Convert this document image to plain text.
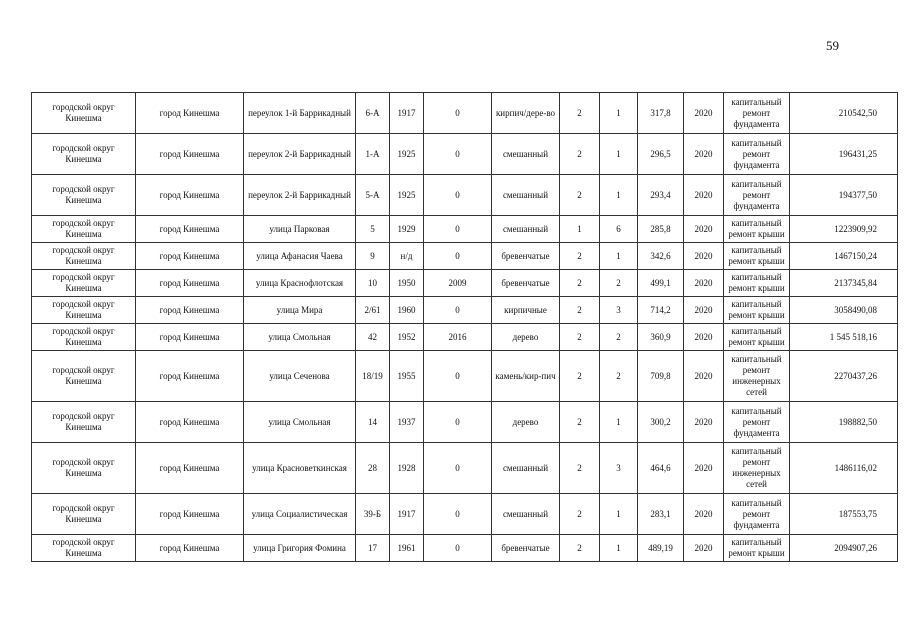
59
городской округ Кинешма	город Кинешма	переулок 1-й Баррикадный	6-А	1917	0	кирпич/дере-во	2	1	317,8	2020	капитальный ремонт фундамента	210542,50
городской округ Кинешма	город Кинешма	переулок 2-й Баррикадный	1-А	1925	0	смешанный	2	1	296,5	2020	капитальный ремонт фундамента	196431,25
городской округ Кинешма	город Кинешма	переулок 2-й Баррикадный	5-А	1925	0	смешанный	2	1	293,4	2020	капитальный ремонт фундамента	194377,50
городской округ Кинешма	город Кинешма	улица Парковая	5	1929	0	смешанный	1	6	285,8	2020	капитальный ремонт крыши	1223909,92
городской округ Кинешма	город Кинешма	улица Афанасия Чаева	9	н/д	0	бревенчатые	2	1	342,6	2020	капитальный ремонт крыши	1467150,24
городской округ Кинешма	город Кинешма	улица Краснофлотская	10	1950	2009	бревенчатые	2	2	499,1	2020	капитальный ремонт крыши	2137345,84
городской округ Кинешма	город Кинешма	улица Мира	2/61	1960	0	кирпичные	2	3	714,2	2020	капитальный ремонт крыши	3058490,08
городской округ Кинешма	город Кинешма	улица Смольная	42	1952	2016	дерево	2	2	360,9	2020	капитальный ремонт крыши	1 545 518,16
городской округ Кинешма	город Кинешма	улица Сеченова	18/19	1955	0	камень/кир-пич	2	2	709,8	2020	капитальный ремонт инженерных сетей	2270437,26
городской округ Кинешма	город Кинешма	улица Смольная	14	1937	0	дерево	2	1	300,2	2020	капитальный ремонт фундамента	198882,50
городской округ Кинешма	город Кинешма	улица Красноветкинская	28	1928	0	смешанный	2	3	464,6	2020	капитальный ремонт инженерных сетей	1486116,02
городской округ Кинешма	город Кинешма	улица Социалистическая	39-Б	1917	0	смешанный	2	1	283,1	2020	капитальный ремонт фундамента	187553,75
городской округ Кинешма	город Кинешма	улица Григория Фомина	17	1961	0	бревенчатые	2	1	489,19	2020	капитальный ремонт крыши	2094907,26
